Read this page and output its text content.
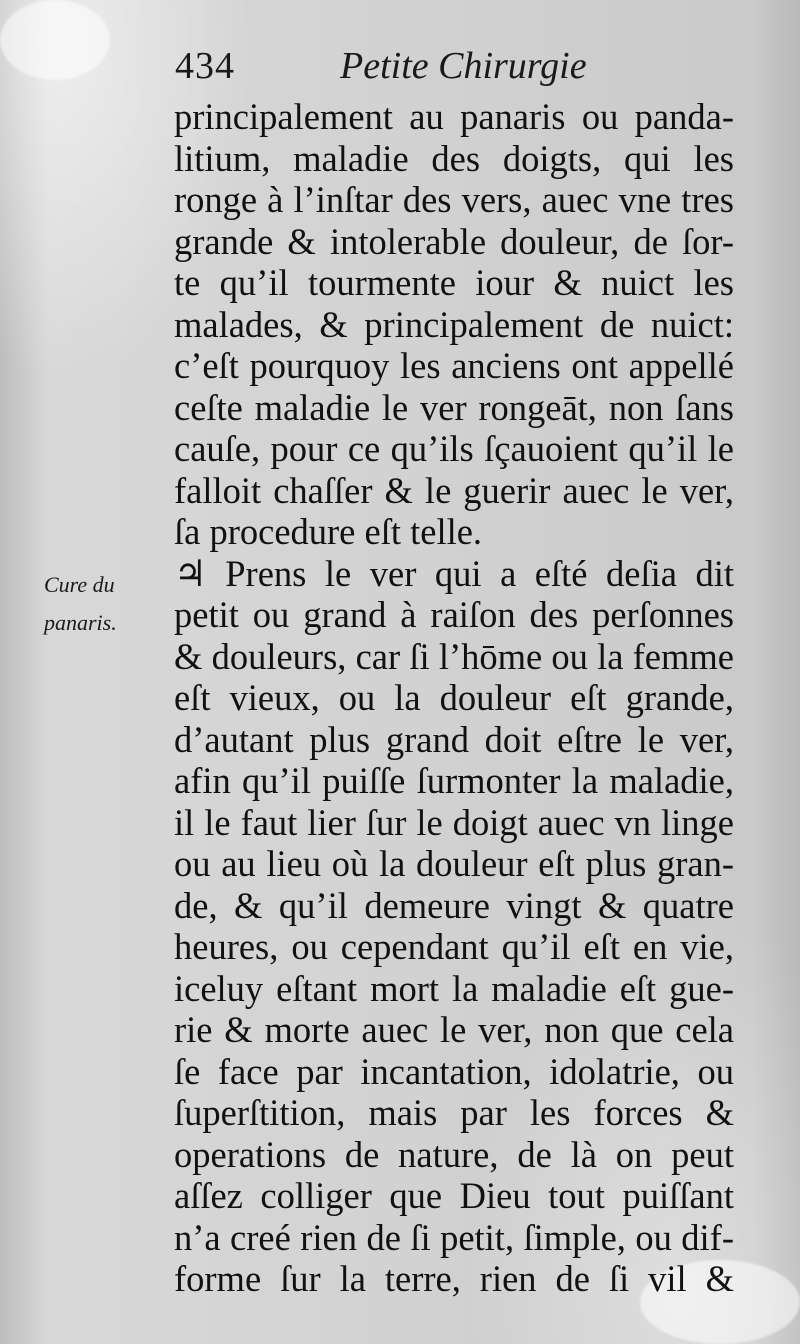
434	Petite Chirurgie
Cure du
panaris.
principalement au panaris ou panda-
litium, maladie des doigts, qui les
ronge à l’inſtar des vers, auec vne tres
grande & intolerable douleur, de ſor-
te qu’il tourmente iour & nuict les
malades, & principalement de nuict:
c’eſt pourquoy les anciens ont appellé
ceſte maladie le ver rongeāt, non ſans
cauſe, pour ce qu’ils ſçauoient qu’il le
falloit chaſſer & le guerir auec le ver,
ſa procedure eſt telle.
♃ Prens le ver qui a eſté deſia dit
petit ou grand à raiſon des perſonnes
& douleurs, car ſi l’hōme ou la femme
eſt vieux, ou la douleur eſt grande,
d’autant plus grand doit eſtre le ver,
afin qu’il puiſſe ſurmonter la maladie,
il le faut lier ſur le doigt auec vn linge
ou au lieu où la douleur eſt plus gran-
de, & qu’il demeure vingt & quatre
heures, ou cependant qu’il eſt en vie,
iceluy eſtant mort la maladie eſt gue-
rie & morte auec le ver, non que cela
ſe face par incantation, idolatrie, ou
ſuperſtition, mais par les forces &
operations de nature, de là on peut
aſſez colliger que Dieu tout puiſſant
n’a creé rien de ſi petit, ſimple, ou dif-
forme ſur la terre, rien de ſi vil &
